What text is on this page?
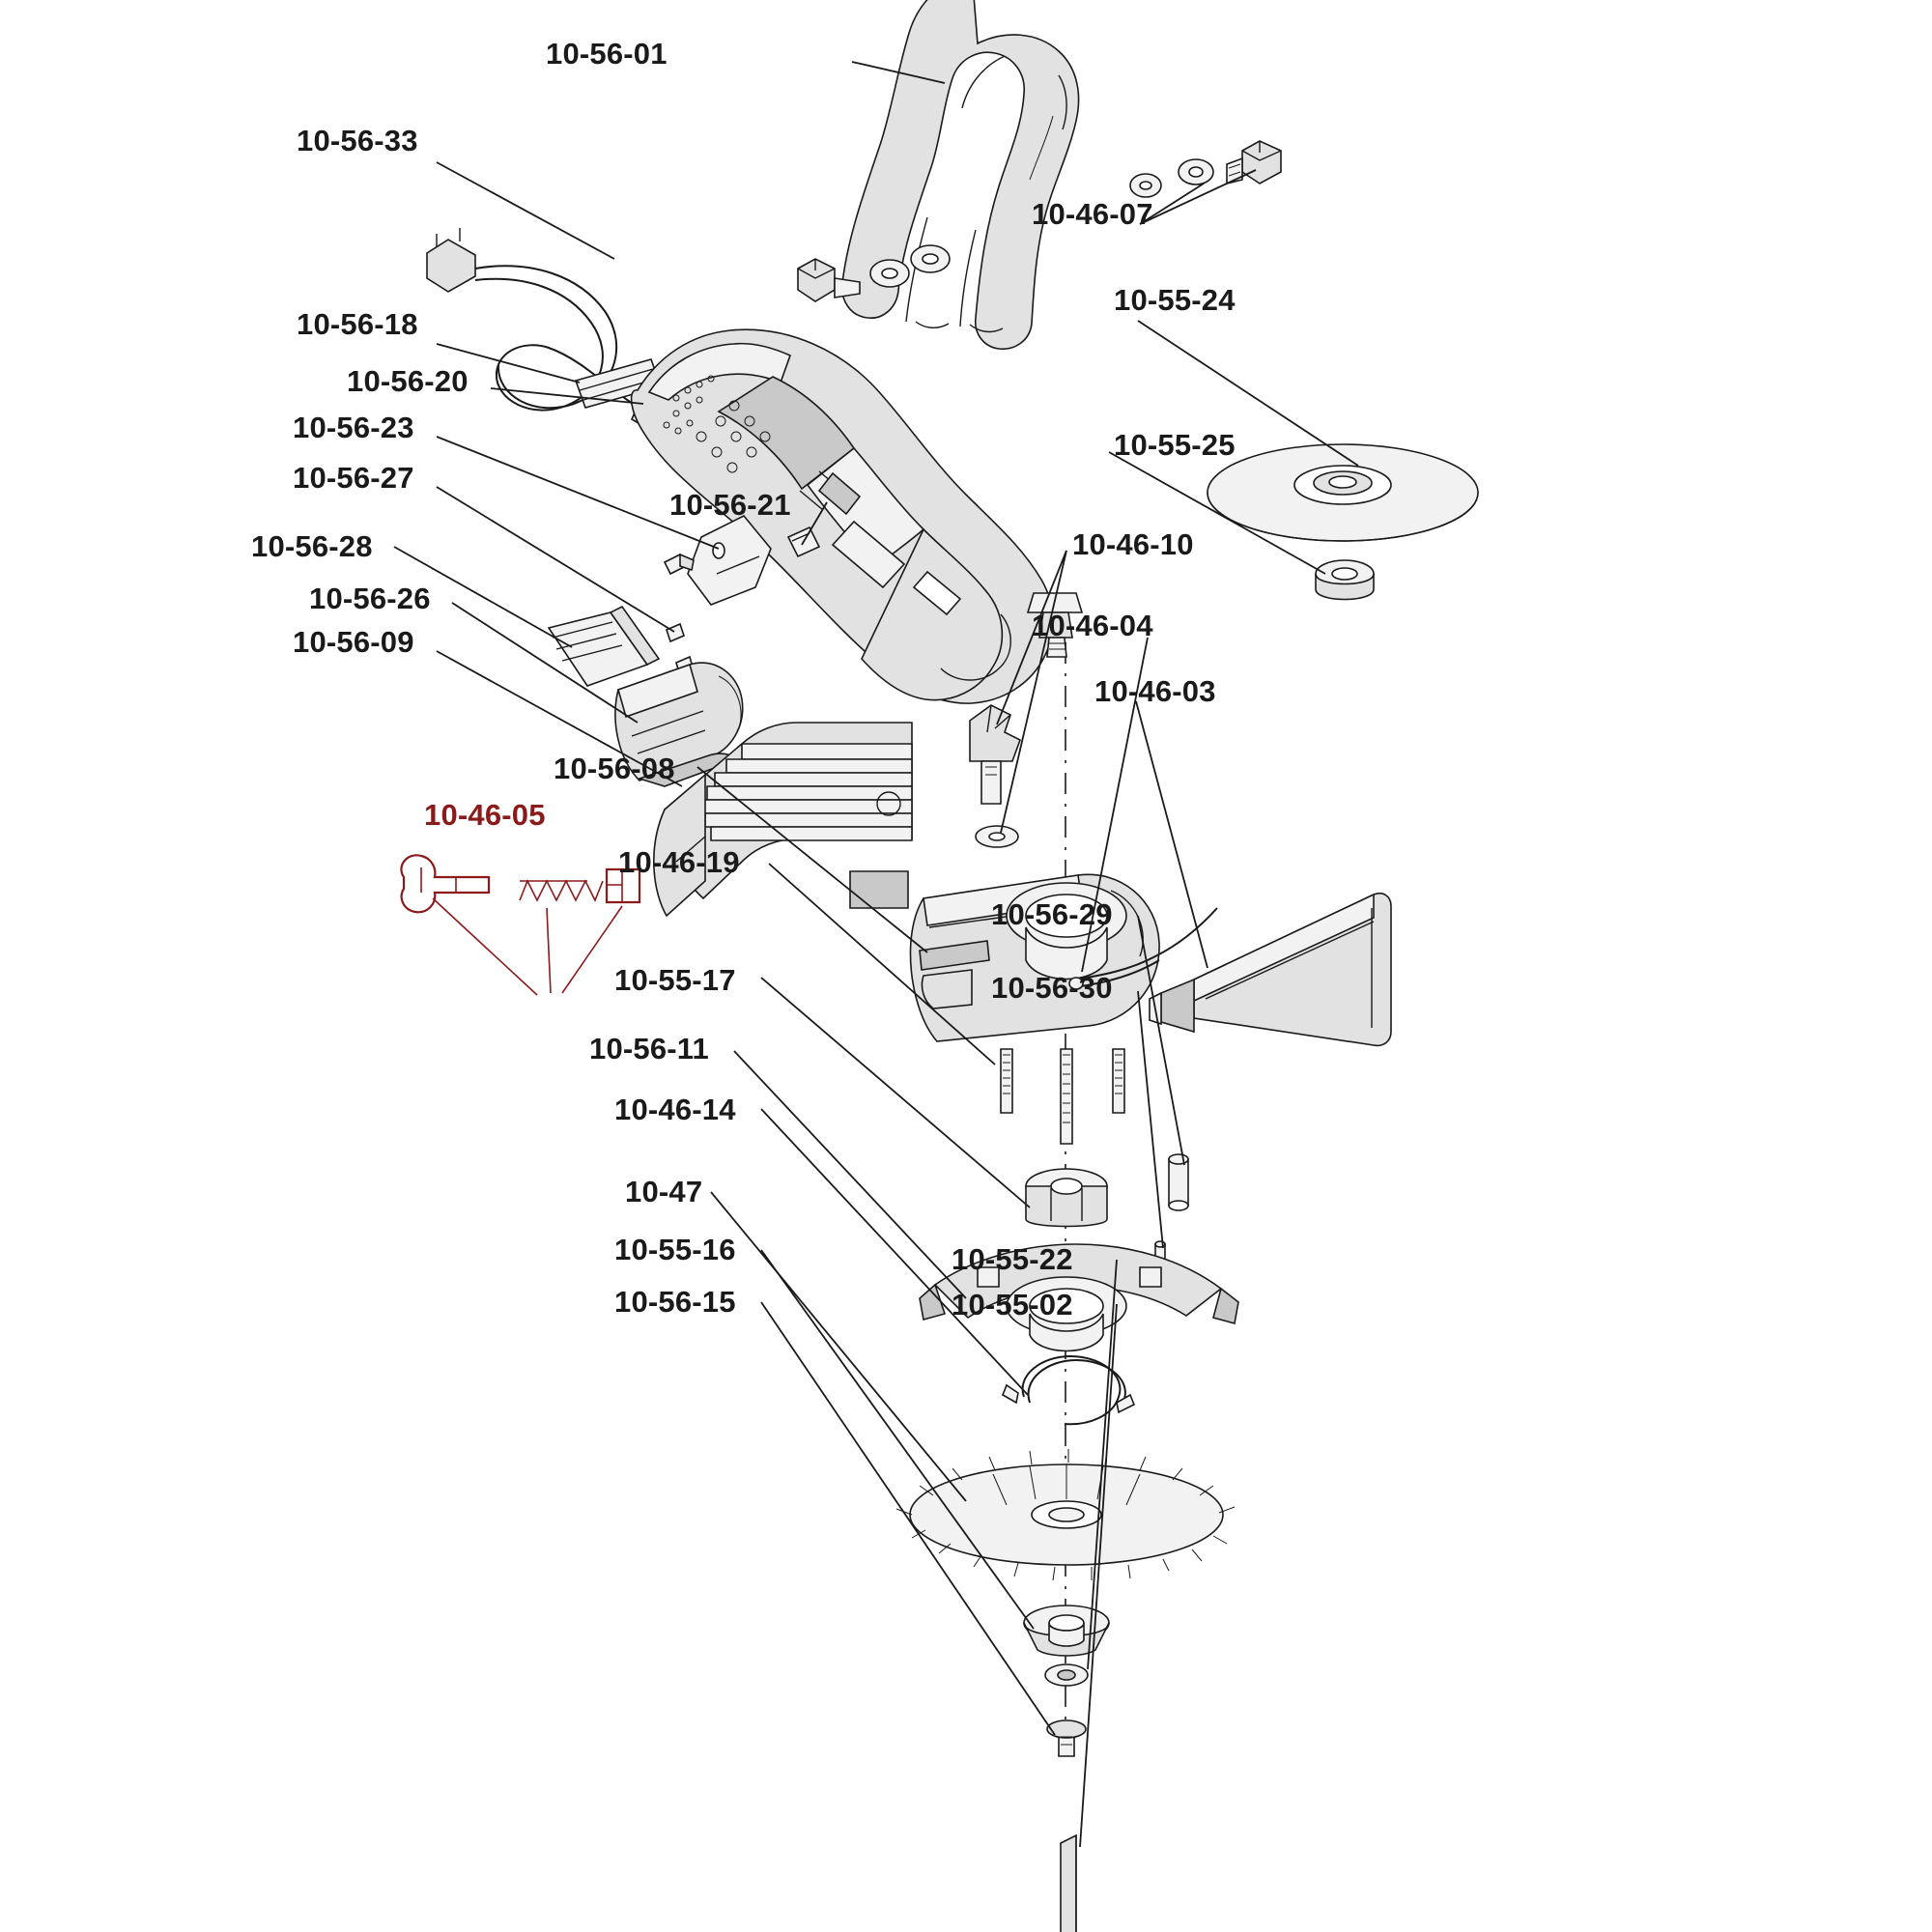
10-56-01
10-56-33
10-46-07
10-55-24
10-56-18
10-56-20
10-56-23
10-55-25
10-56-27
10-56-21
10-56-28	10-46-10
10-56-26
10-46-04
10-56-09
10-46-03
10-56-08
10-46-05
10-46-19
10-56-29
10-55-17	10-56-30
10-56-11
10-46-14
10-47
10-55-16	10-55-22
10-56-15	10-55-02
